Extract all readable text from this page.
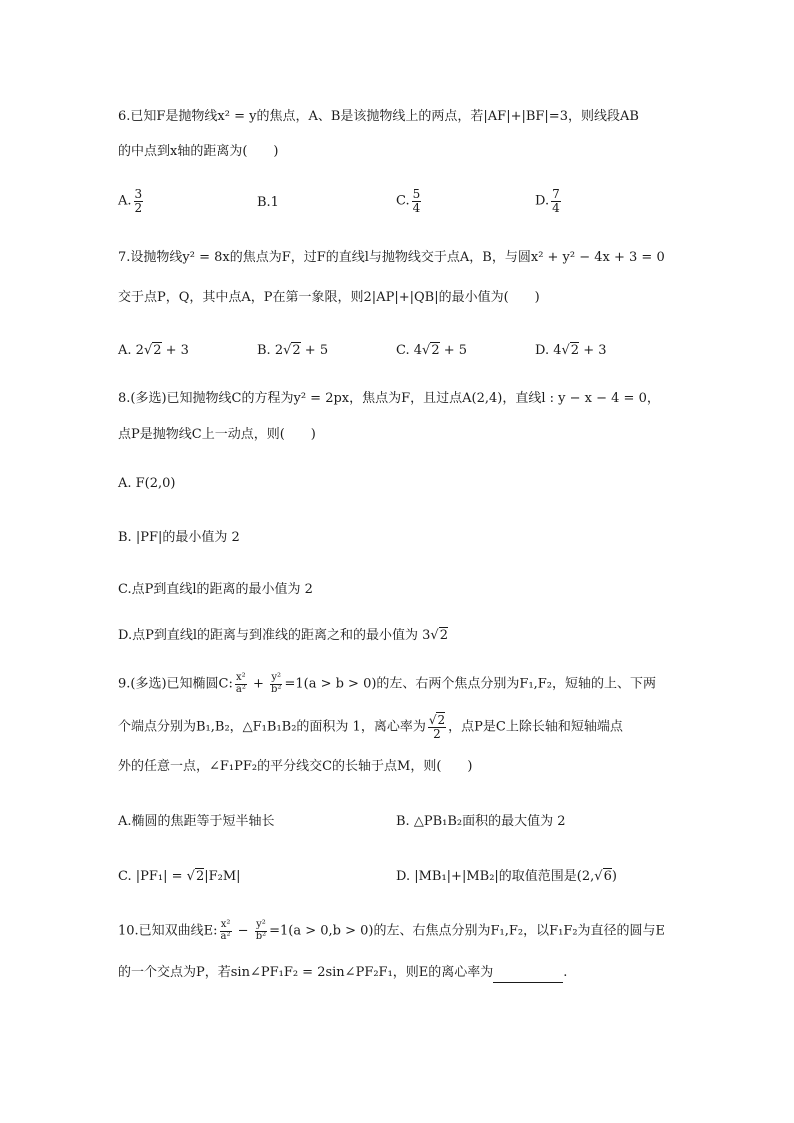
6.已知F是抛物线x² = y的焦点，A、B是该抛物线上的两点，若|AF|+|BF|=3，则线段AB
的中点到x轴的距离为(　　)
A. $\frac{3}{2}$	B.1	C. $\frac{5}{4}$	D. $\frac{7}{4}$
7.设抛物线y² = 8x的焦点为F，过F的直线l与抛物线交于点A，B，与圆x² + y² − 4x + 3 = 0
交于点P，Q，其中点A，P在第一象限，则2|AP|+|QB|的最小值为(　　)
A. 2√2 + 3	B. 2√2 + 5	C. 4√2 + 5	D. 4√2 + 3
8.(多选)已知抛物线C的方程为y² = 2px，焦点为F，且过点A(2,4)，直线l : y − x − 4 = 0，
点P是抛物线C上一动点，则(　　)
A. F(2,0)
B. |PF|的最小值为 2
C.点P到直线l的距离的最小值为 2
D.点P到直线l的距离与到准线的距离之和的最小值为 3√2
9.(多选)已知椭圆C: $\frac{\text{x²}}{\text{a²}} + \frac{\text{y²}}{\text{b²}} =1(a > b > 0)$的左、右两个焦点分别为F₁,F₂，短轴的上、下两
个端点分别为B₁,B₂，△F₁B₁B₂的面积为 1，离心率为 $\frac{√2}{2}$ ，点P是C上除长轴和短轴端点
外的任意一点，∠F₁PF₂的平分线交C的长轴于点M，则(　　)
A.椭圆的焦距等于短半轴长	B. △PB₁B₂面积的最大值为 2
C. |PF₁| = √2|F₂M|	D. |MB₁|+|MB₂|的取值范围是(2,√6)
10.已知双曲线E: $\frac{\text{x²}}{\text{a²}} - \frac{\text{y²}}{\text{b²}} =1(a > 0,b > 0)$的左、右焦点分别为F₁,F₂，以F₁F₂为直径的圆与E
的一个交点为P，若sin∠PF₁F₂ = 2sin∠PF₂F₁，则E的离心率为	.
